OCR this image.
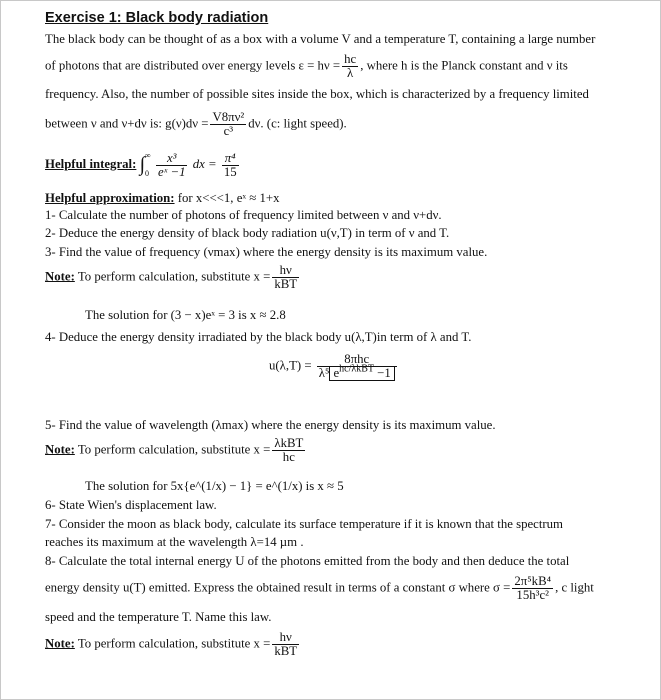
Exercise 1: Black body radiation
The black body can be thought of as a box with a volume V and a temperature T, containing a large number
of photons that are distributed over energy levels $\varepsilon = h\nu = \frac{hc}{\lambda}$ , where h is the Planck constant and ν its
frequency. Also, the number of possible sites inside the box, which is characterized by a frequency limited
between ν and ν+dν is: $g(\nu)d\nu = \frac{\text{V8πν²}}{\text{c³}} d\nu$. (c: light speed).
Helpful integral: ∫ ∞
0
$\frac{\text{x³}}{\text{eˣ −1}}$ dx = $\frac{\text{π⁴}}{15}$
Helpful approximation: for x<<<1, eˣ ≈ 1+x
1- Calculate the number of photons of frequency limited between ν and ν+dν.
2- Deduce the energy density of black body radiation u(ν,T) in term of ν and T.
3- Find the value of frequency (νmax) where the energy density is its maximum value.
Note: To perform calculation, substitute $x = \frac{h\nu}{\text{kBT}}$
The solution for (3 − x)eˣ = 3 is x ≈ 2.8
4- Deduce the energy density irradiated by the black body u(λ,T)in term of λ and T.
$u(\lambda,T) = \frac{\text{8πhc}}{\lambda^5 e^{hc/\lambda kBT} -1}$
5- Find the value of wavelength (λmax) where the energy density is its maximum value.
Note: To perform calculation, substitute $x = \frac{\text{λkBT}}{hc}$
The solution for 5x{e^(1/x) − 1} = e^(1/x) is x ≈ 5
6- State Wien's displacement law.
7- Consider the moon as black body, calculate its surface temperature if it is known that the spectrum
reaches its maximum at the wavelength λ=14 µm .
8- Calculate the total internal energy U of the photons emitted from the body and then deduce the total
energy density u(T) emitted. Express the obtained result in terms of a constant σ where $\sigma = \frac{\text{2π⁵kB⁴}}{\text{15h³c²}}$ , c light
speed and the temperature T. Name this law.
Note: To perform calculation, substitute $x = \frac{h\nu}{\text{kBT}}$
